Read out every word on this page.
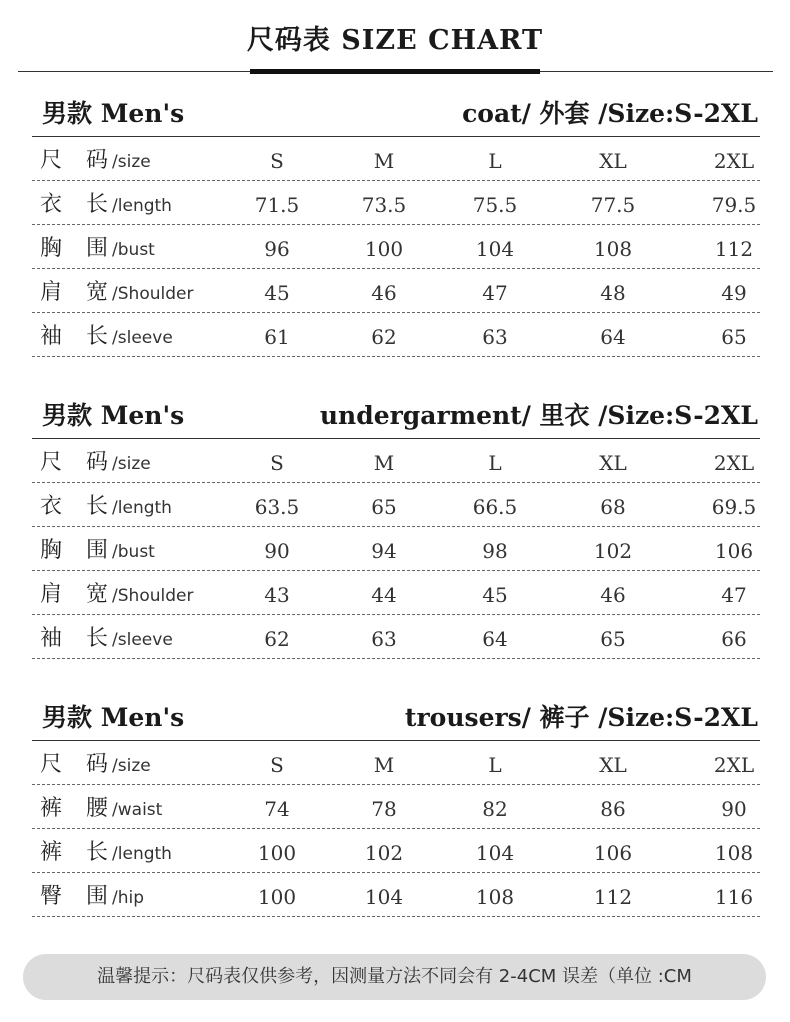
尺码表 SIZE CHART
男款 Men's	coat/ 外套 /Size:S-2XL
尺 码 /size	S	M	L	XL	2XL
衣 长 /length	71.5	73.5	75.5	77.5	79.5
胸 围 /bust	96	100	104	108	112
肩 宽 /Shoulder	45	46	47	48	49
袖 长 /sleeve	61	62	63	64	65
男款 Men's	undergarment/ 里衣 /Size:S-2XL
尺 码 /size	S	M	L	XL	2XL
衣 长 /length	63.5	65	66.5	68	69.5
胸 围 /bust	90	94	98	102	106
肩 宽 /Shoulder	43	44	45	46	47
袖 长 /sleeve	62	63	64	65	66
男款 Men's	trousers/ 裤子 /Size:S-2XL
尺 码 /size	S	M	L	XL	2XL
裤 腰 /waist	74	78	82	86	90
裤 长 /length	100	102	104	106	108
臀 围 /hip	100	104	108	112	116
温馨提示：尺码表仅供参考，因测量方法不同会有 2-4CM 误差（单位 :CM
